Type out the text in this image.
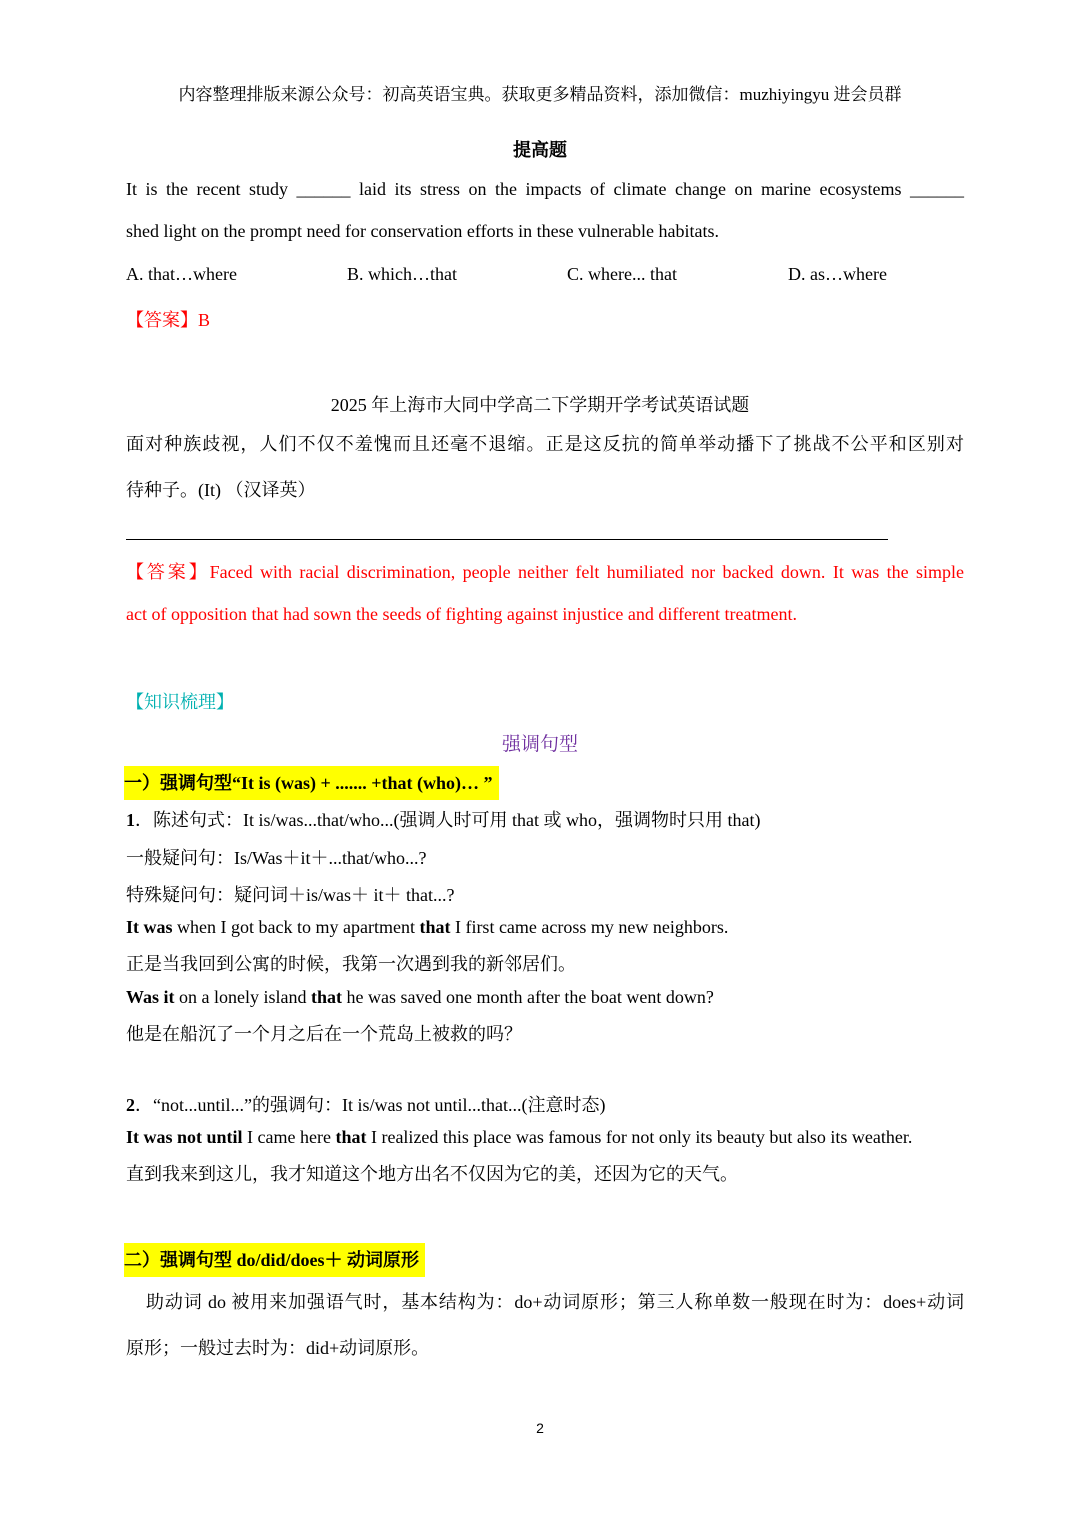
内容整理排版来源公众号：初高英语宝典。获取更多精品资料，添加微信：muzhiyingyu 进会员群
提高题
It is the recent study ______ laid its stress on the impacts of climate change on marine ecosystems ______
shed light on the prompt need for conservation efforts in these vulnerable habitats.
A. that…where	B. which…that	C. where... that	D. as…where
【答案】B
2025 年上海市大同中学高二下学期开学考试英语试题
面对种族歧视，人们不仅不羞愧而且还毫不退缩。正是这反抗的简单举动播下了挑战不公平和区别对
待种子。(It) （汉译英）
【答案】Faced with racial discrimination, people neither felt humiliated nor backed down. It was the simple
act of opposition that had sown the seeds of fighting against injustice and different treatment.
【知识梳理】
强调句型
一）强调句型“It is (was) + ....... +that (who)… ”
1．陈述句式：It is/was...that/who...(强调人时可用 that 或 who，强调物时只用 that)
一般疑问句：Is/Was＋it＋...that/who...?
特殊疑问句：疑问词＋is/was＋ it＋ that...?
It was when I got back to my apartment that I first came across my new neighbors.
正是当我回到公寓的时候，我第一次遇到我的新邻居们。
Was it on a lonely island that he was saved one month after the boat went down?
他是在船沉了一个月之后在一个荒岛上被救的吗？
2．“not...until...”的强调句：It is/was not until...that...(注意时态)
It was not until I came here that I realized this place was famous for not only its beauty but also its weather.
直到我来到这儿，我才知道这个地方出名不仅因为它的美，还因为它的天气。
二）强调句型 do/did/does＋ 动词原形
助动词 do 被用来加强语气时，基本结构为：do+动词原形；第三人称单数一般现在时为：does+动词
原形；一般过去时为：did+动词原形。
2
